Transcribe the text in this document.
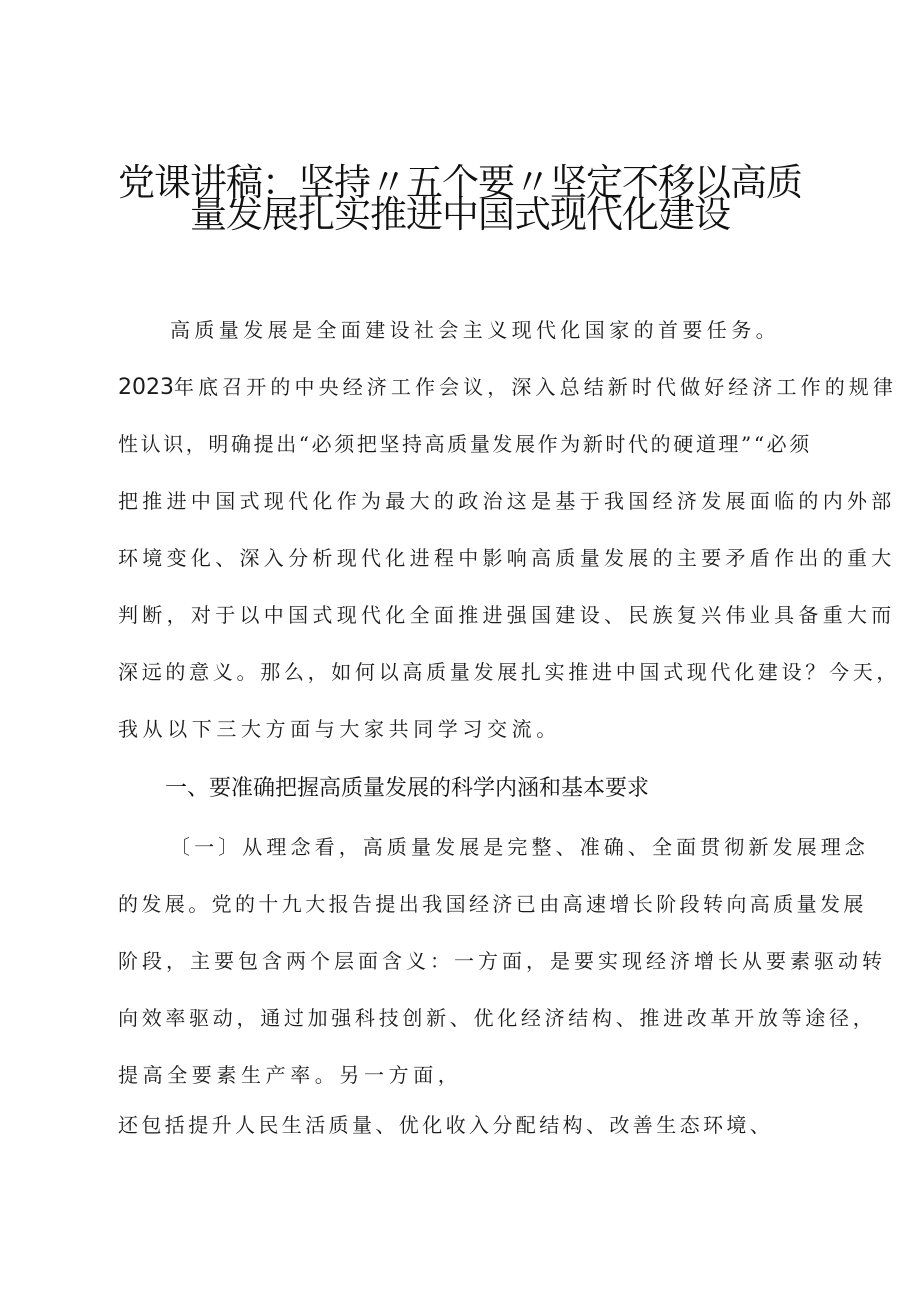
党课讲稿：坚持〃五个要〃坚定不移以高质
量发展扎实推进中国式现代化建设
高质量发展是全面建设社会主义现代化国家的首要任务。
2023年底召开的中央经济工作会议，深入总结新时代做好经济工作的规律
性认识，明确提出“必须把坚持高质量发展作为新时代的硬道理”“必须
把推进中国式现代化作为最大的政治这是基于我国经济发展面临的内外部
环境变化、深入分析现代化进程中影响高质量发展的主要矛盾作出的重大
判断，对于以中国式现代化全面推进强国建设、民族复兴伟业具备重大而
深远的意义。那么，如何以高质量发展扎实推进中国式现代化建设？今天，
我从以下三大方面与大家共同学习交流。
一、要准确把握高质量发展的科学内涵和基本要求
〔一〕从理念看，高质量发展是完整、准确、全面贯彻新发展理念
的发展。党的十九大报告提出我国经济已由高速增长阶段转向高质量发展
阶段，主要包含两个层面含义：一方面，是要实现经济增长从要素驱动转
向效率驱动，通过加强科技创新、优化经济结构、推进改革开放等途径，
提高全要素生产率。另一方面，
还包括提升人民生活质量、优化收入分配结构、改善生态环境、
